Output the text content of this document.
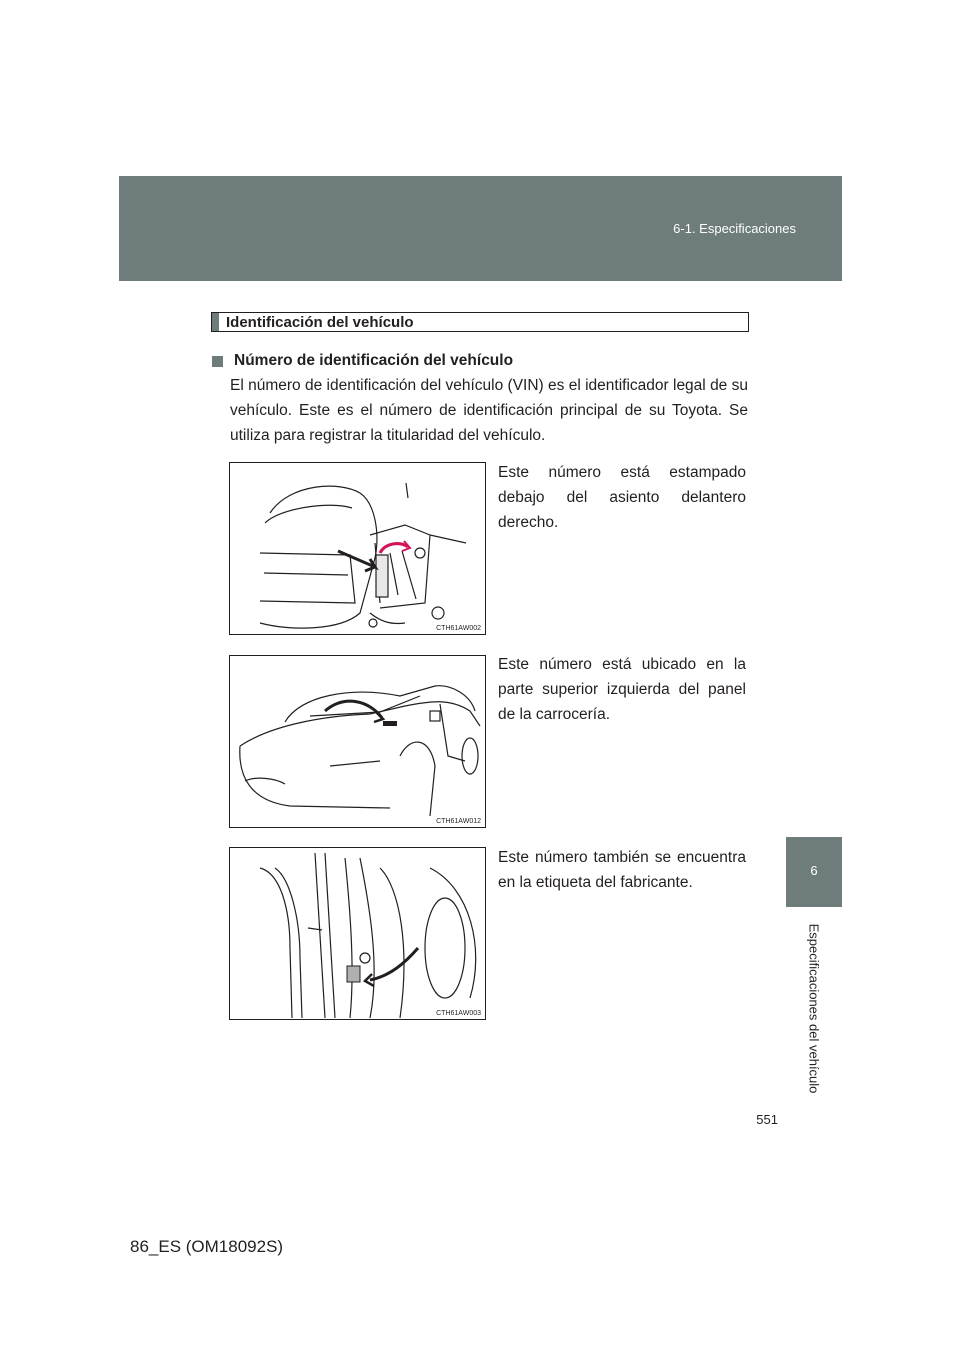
6-1. Especificaciones
6
Especificaciones del vehículo
Identificación del vehículo
Número de identificación del vehículo
El número de identificación del vehículo (VIN) es el identificador legal de su vehículo. Este es el número de identificación principal de su Toyota. Se utiliza para registrar la titularidad del vehículo.
CTH61AW002
Este número está estampado debajo del asiento delantero derecho.
CTH61AW012
Este número está ubicado en la parte superior izquierda del panel de la carrocería.
CTH61AW003
Este número también se encuentra en la etiqueta del fabricante.
551
86_ES (OM18092S)
